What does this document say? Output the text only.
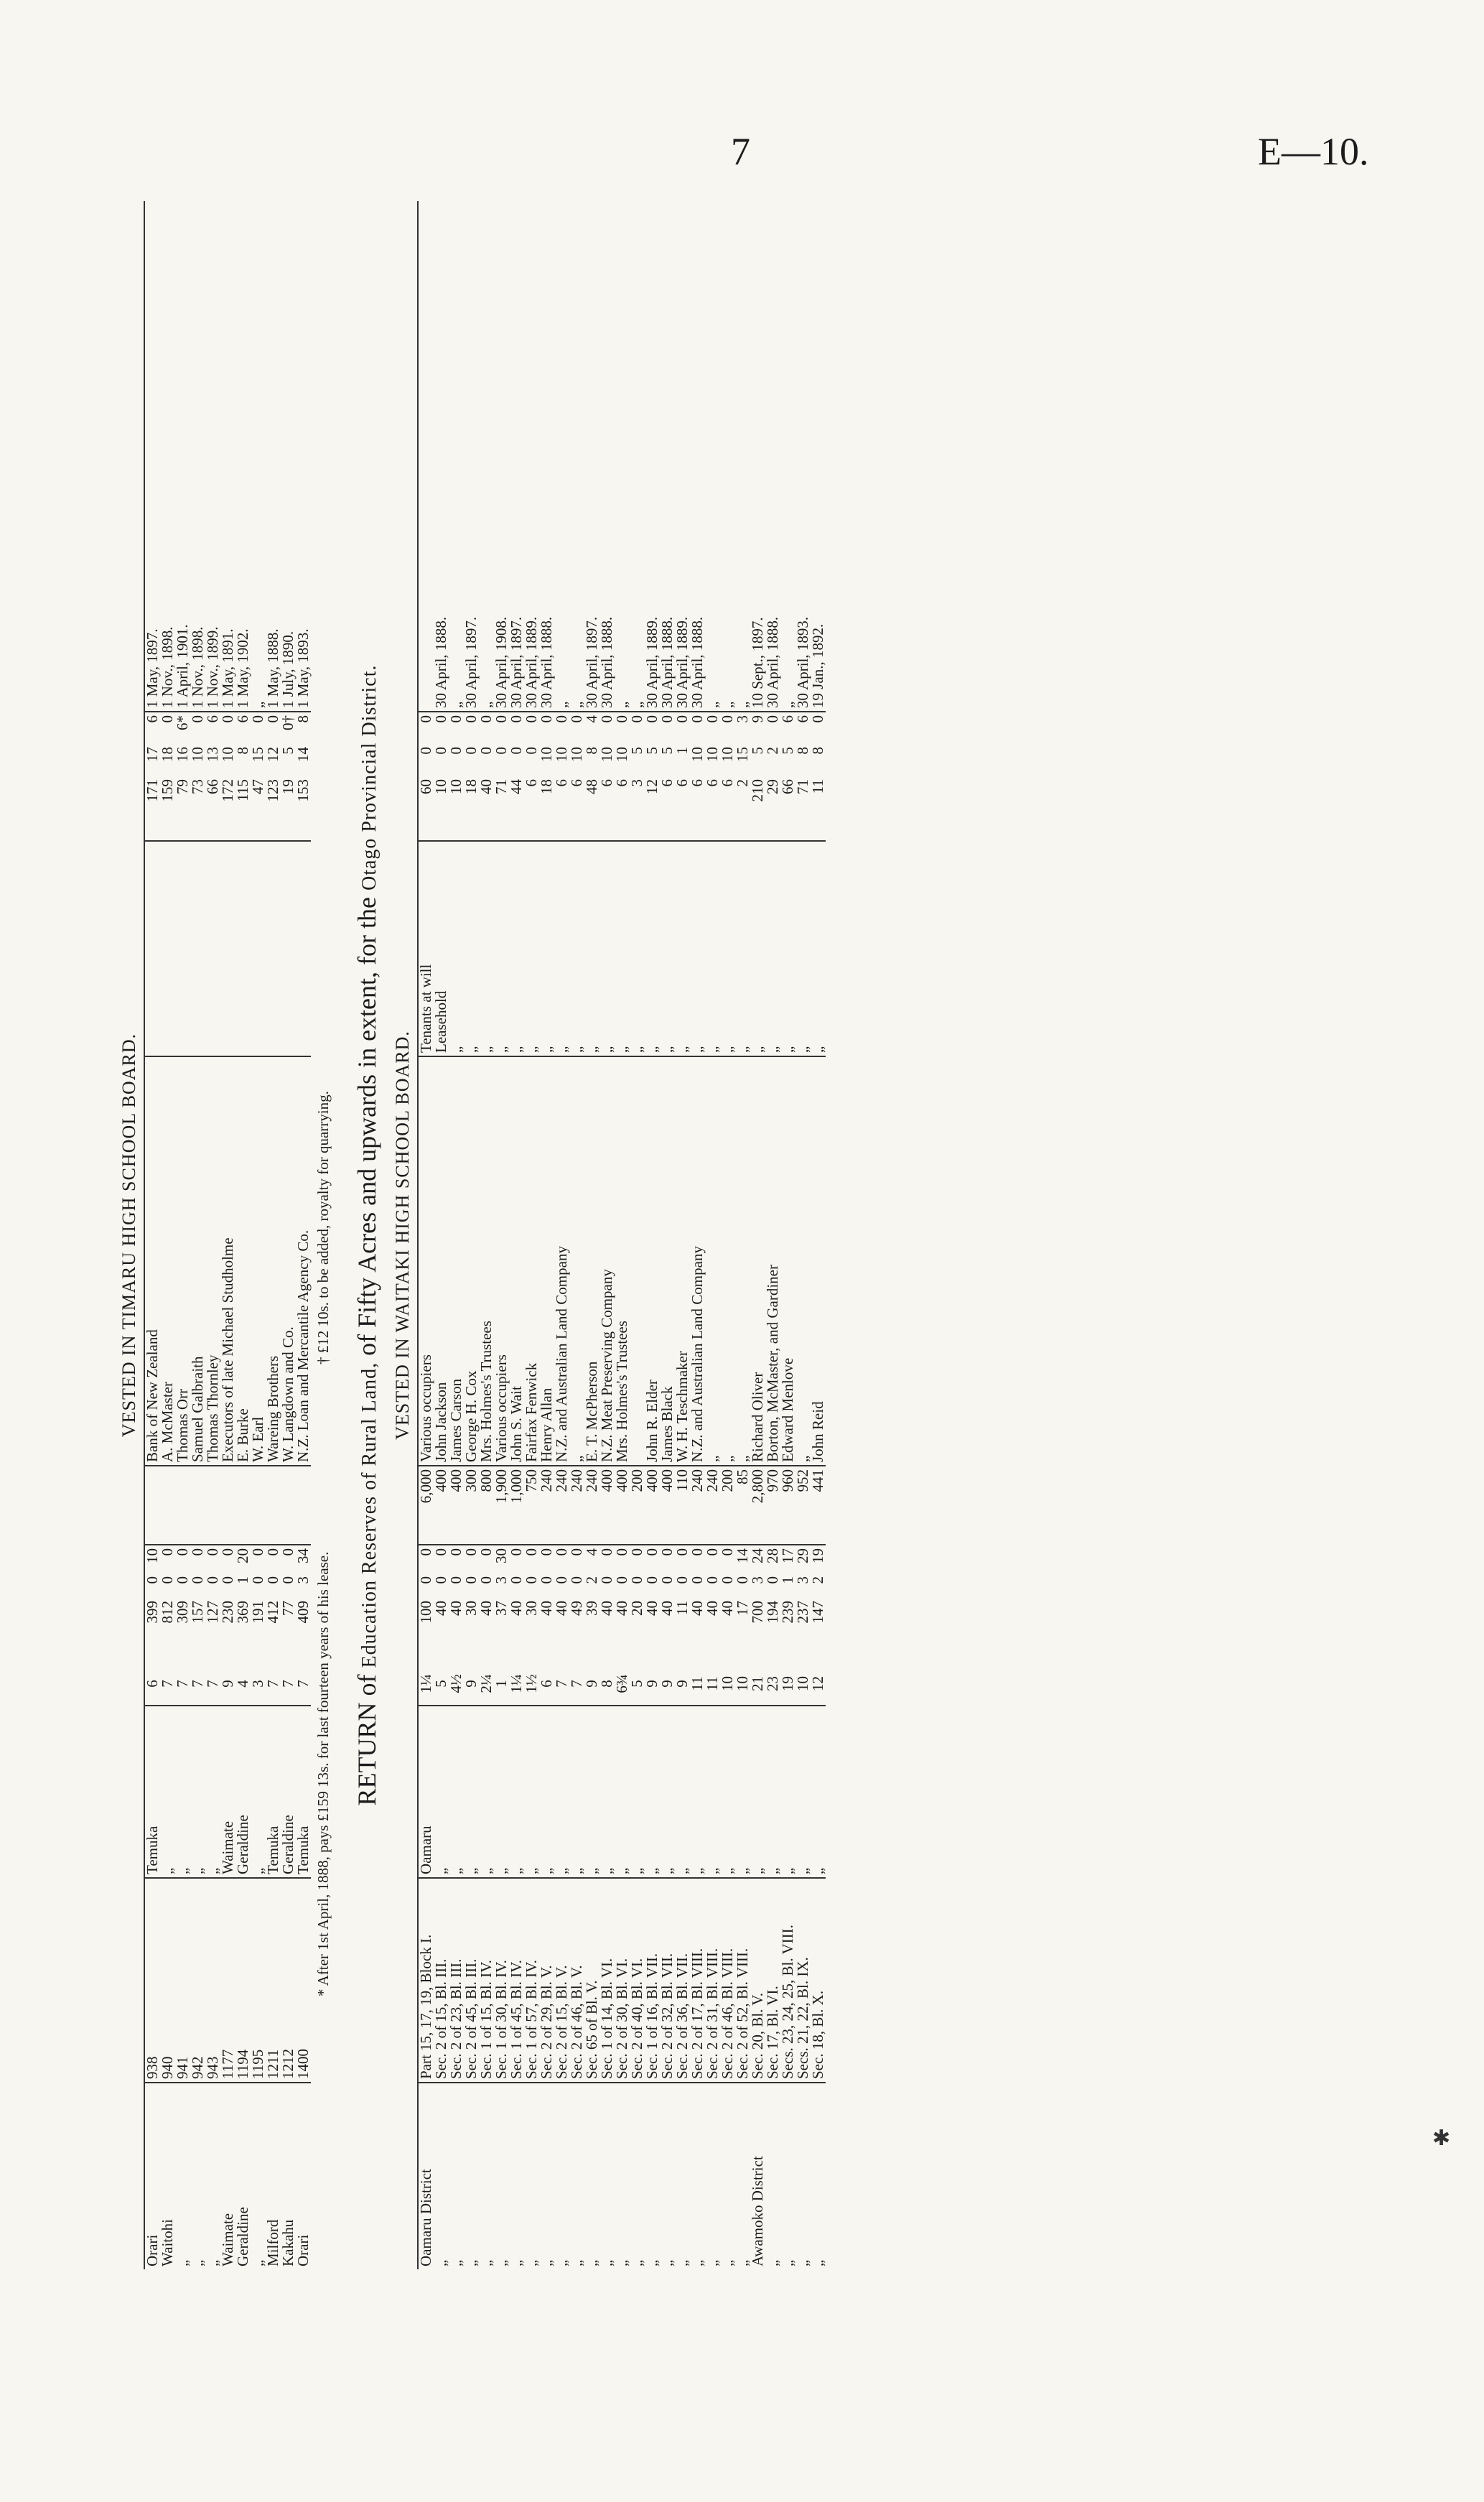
7	E—10.
VESTED IN TIMARU HIGH SCHOOL BOARD.
Orari	938	Temuka	6	399	0	10		Bank of New Zealand		171	17	6	1 May, 1897.
Waitohi	940	„	7	812	0	0		A. McMaster		159	18	0	1 Nov., 1898.
„	941	„	7	309	0	0		Thomas Orr		79	16	6*	1 April, 1901.
„	942	„	7	157	0	0		Samuel Galbraith		73	10	0	1 Nov., 1898.
„	943	„	7	127	0	0		Thomas Thornley		66	13	6	1 Nov., 1899.
Waimate	1177	Waimate	9	230	0	0		Executors of late Michael Studholme		172	10	0	1 May, 1891.
Geraldine	1194	Geraldine	4	369	1	20		E. Burke		115	8	6	1 May, 1902.
„	1195	„	3	191	0	0		W. Earl		47	15	0	„
Milford	1211	Temuka	7	412	0	0		Wareing Brothers		123	12	0	1 May, 1888.
Kakahu	1212	Geraldine	7	77	0	0		W. Langdown and Co.		19	5	0†	1 July, 1890.
Orari	1400	Temuka	7	409	3	34		N.Z. Loan and Mercantile Agency Co.		153	14	8	1 May, 1893.
* After 1st April, 1888, pays £159 13s. for last fourteen years of his lease.
† £12 10s. to be added, royalty for quarrying.
RETURN of Education Reserves of Rural Land, of Fifty Acres and upwards in extent, for the Otago Provincial District.
VESTED IN WAITAKI HIGH SCHOOL BOARD.
Oamaru District	Part 15, 17, 19, Block I.	Oamaru	1¼	100	0	0	6,000	Various occupiers	Tenants at will	60	0	0	
„	Sec. 2 of 15, Bl. III.	„	5	40	0	0	400	John Jackson	Leasehold	10	0	0	30 April, 1888.
„	Sec. 2 of 23, Bl. III.	„	4½	40	0	0	400	James Carson	„	10	0	0	„
„	Sec. 2 of 45, Bl. III.	„	9	30	0	0	300	George H. Cox	„	18	0	0	30 April, 1897.
„	Sec. 1 of 15, Bl. IV.	„	2¼	40	0	0	800	Mrs. Holmes's Trustees	„	40	0	0	„
„	Sec. 1 of 30, Bl. IV.	„	1	37	3	30	1,900	Various occupiers	„	71	0	0	30 April, 1908.
„	Sec. 1 of 45, Bl. IV.	„	1¼	40	0	0	1,000	John S. Wait	„	44	0	0	30 April, 1897.
„	Sec. 1 of 57, Bl. IV.	„	1½	30	0	0	750	Fairfax Fenwick	„	6	0	0	30 April, 1889.
„	Sec. 2 of 29, Bl. V.	„	6	40	0	0	240	Henry Allan	„	18	10	0	30 April, 1888.
„	Sec. 2 of 15, Bl. V.	„	7	40	0	0	240	N.Z. and Australian Land Company	„	6	10	0	„
„	Sec. 2 of 46, Bl. V.	„	7	49	0	0	240	„	„	6	10	0	„
„	Sec. 65 of Bl. V.	„	9	39	2	4	240	E. T. McPherson	„	48	8	4	30 April, 1897.
„	Sec. 1 of 14, Bl. VI.	„	8	40	0	0	400	N.Z. Meat Preserving Company	„	6	10	0	30 April, 1888.
„	Sec. 2 of 30, Bl. VI.	„	6¾	40	0	0	400	Mrs. Holmes's Trustees	„	6	10	0	„
„	Sec. 2 of 40, Bl. VI.	„	5	20	0	0	200		„	3	5	0	„
„	Sec. 1 of 16, Bl. VII.	„	9	40	0	0	400	John R. Elder	„	12	5	0	30 April, 1889.
„	Sec. 2 of 32, Bl. VII.	„	9	40	0	0	400	James Black	„	6	5	0	30 April, 1888.
„	Sec. 2 of 36, Bl. VII.	„	9	11	0	0	110	W. H. Teschmaker	„	6	1	0	30 April, 1889.
„	Sec. 2 of 17, Bl. VIII.	„	11	40	0	0	240	N.Z. and Australian Land Company	„	6	10	0	30 April, 1888.
„	Sec. 2 of 31, Bl. VIII.	„	11	40	0	0	240	„	„	6	10	0	„
„	Sec. 2 of 46, Bl. VIII.	„	10	40	0	0	200	„	„	6	10	0	„
„	Sec. 2 of 52, Bl. VIII.	„	10	17	0	14	85	„	„	2	15	3	„
Awamoko District	Sec. 20, Bl. V.	„	21	700	3	24	2,800	Richard Oliver	„	210	5	9	10 Sept., 1897.
„	Sec. 17, Bl. VI.	„	23	194	0	28	970	Borton, McMaster, and Gardiner	„	29	2	0	30 April, 1888.
„	Secs. 23, 24, 25, Bl. VIII.	„	19	239	1	17	960	Edward Menlove	„	66	5	6	„
„	Secs. 21, 22, Bl. IX.	„	10	237	3	29	952	„	„	71	8	6	30 April, 1893.
„	Sec. 18, Bl. X.	„	12	147	2	19	441	John Reid	„	11	8	0	19 Jan., 1892.
✱
